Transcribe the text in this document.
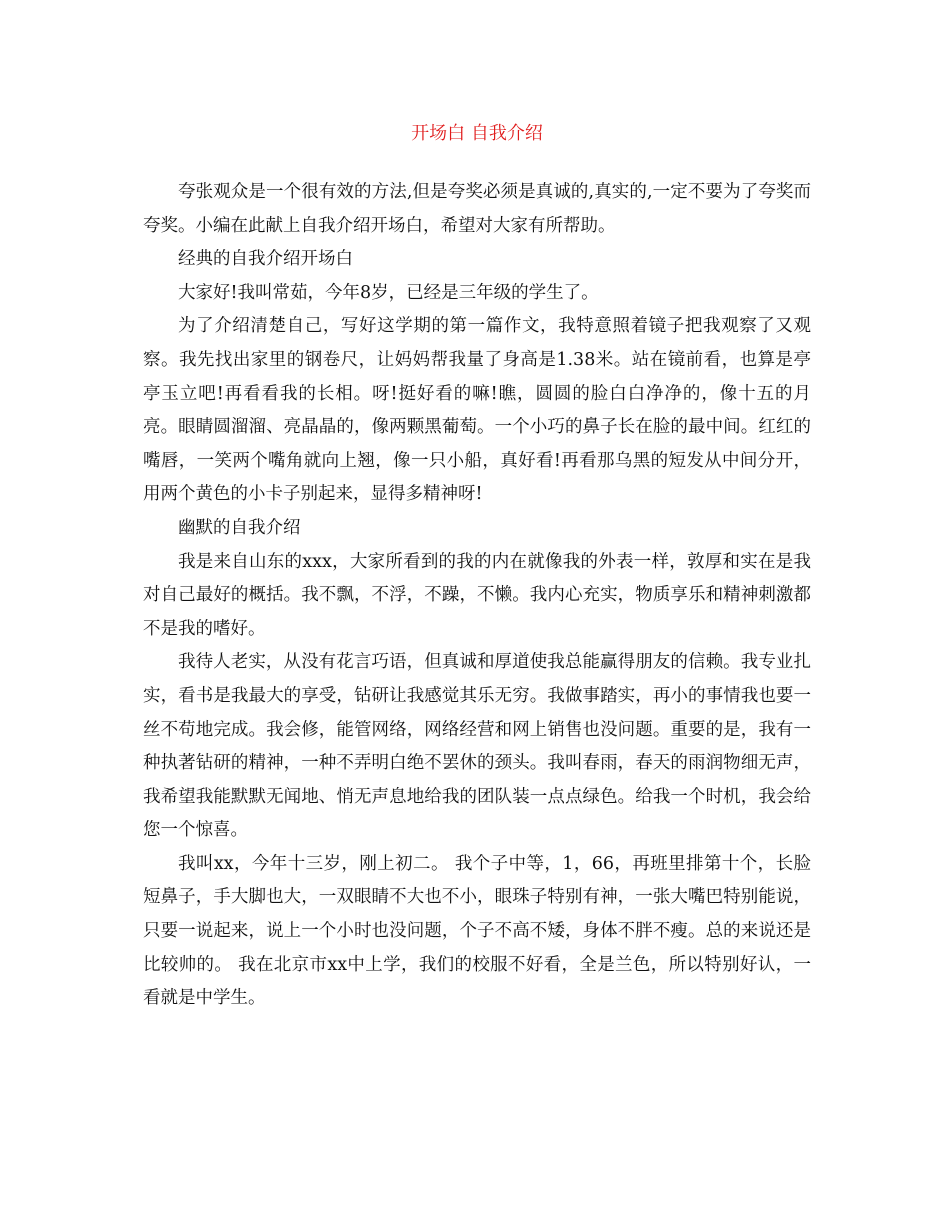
开场白 自我介绍

夸张观众是一个很有效的方法,但是夸奖必须是真诚的,真实的,一定不要为了夸奖而夸奖。小编在此献上自我介绍开场白，希望对大家有所帮助。

经典的自我介绍开场白

大家好!我叫常茹，今年8岁，已经是三年级的学生了。

为了介绍清楚自己，写好这学期的第一篇作文，我特意照着镜子把我观察了又观察。我先找出家里的钢卷尺，让妈妈帮我量了身高是1.38米。站在镜前看，也算是亭亭玉立吧!再看看我的长相。呀!挺好看的嘛!瞧，圆圆的脸白白净净的，像十五的月亮。眼睛圆溜溜、亮晶晶的，像两颗黑葡萄。一个小巧的鼻子长在脸的最中间。红红的嘴唇，一笑两个嘴角就向上翘，像一只小船，真好看!再看那乌黑的短发从中间分开，用两个黄色的小卡子别起来，显得多精神呀!

幽默的自我介绍

我是来自山东的xxx，大家所看到的我的内在就像我的外表一样，敦厚和实在是我对自己最好的概括。我不飘，不浮，不躁，不懒。我内心充实，物质享乐和精神刺激都不是我的嗜好。

我待人老实，从没有花言巧语，但真诚和厚道使我总能赢得朋友的信赖。我专业扎实，看书是我最大的享受，钻研让我感觉其乐无穷。我做事踏实，再小的事情我也要一丝不苟地完成。我会修，能管网络，网络经营和网上销售也没问题。重要的是，我有一种执著钻研的精神，一种不弄明白绝不罢休的颈头。我叫春雨，春天的雨润物细无声，我希望我能默默无闻地、悄无声息地给我的团队装一点点绿色。给我一个时机，我会给您一个惊喜。

我叫xx，今年十三岁，刚上初二。 我个子中等，1，66，再班里排第十个，长脸短鼻子，手大脚也大，一双眼睛不大也不小，眼珠子特别有神，一张大嘴巴特别能说，只要一说起来，说上一个小时也没问题，个子不高不矮，身体不胖不瘦。总的来说还是比较帅的。 我在北京市xx中上学，我们的校服不好看，全是兰色，所以特别好认，一看就是中学生。
